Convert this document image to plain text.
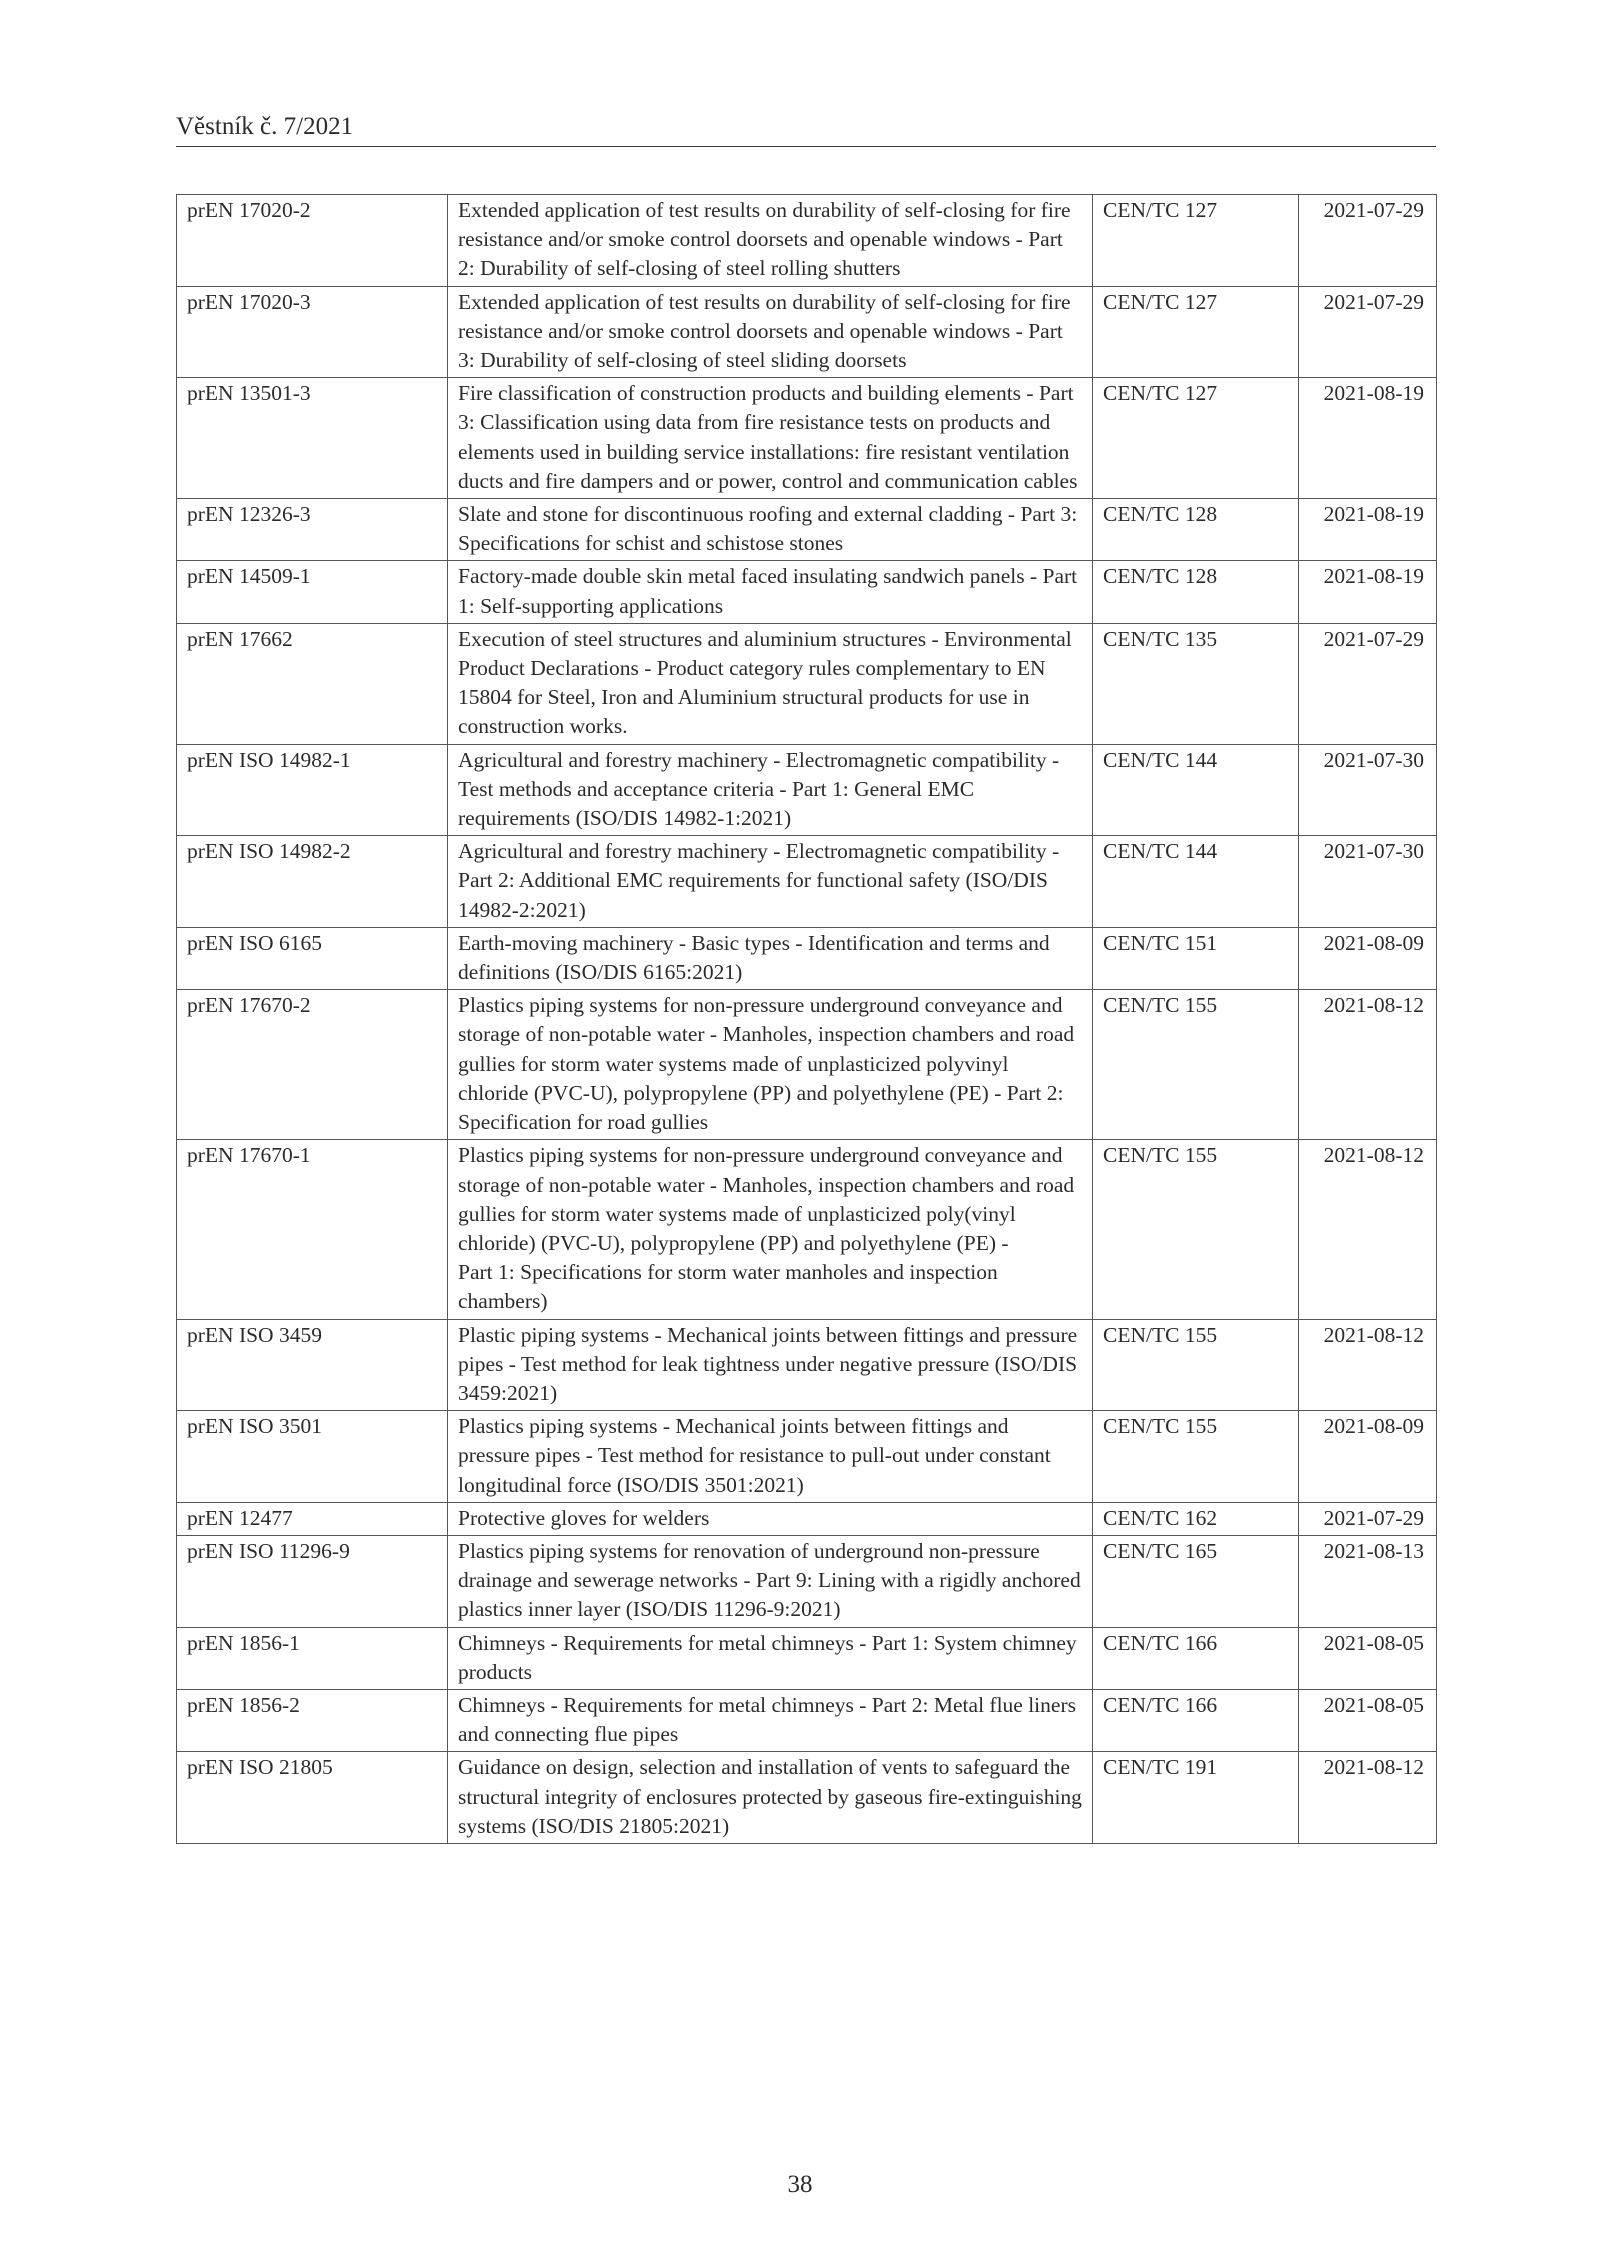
Věstník č. 7/2021
prEN 17020-2	Extended application of test results on durability of self-closing for fire resistance and/or smoke control doorsets and openable windows - Part 2: Durability of self-closing of steel rolling shutters	CEN/TC 127	2021-07-29
prEN 17020-3	Extended application of test results on durability of self-closing for fire resistance and/or smoke control doorsets and openable windows - Part 3: Durability of self-closing of steel sliding doorsets	CEN/TC 127	2021-07-29
prEN 13501-3	Fire classification of construction products and building elements - Part 3: Classification using data from fire resistance tests on products and elements used in building service installations: fire resistant ventilation ducts and fire dampers and or power, control and communication cables	CEN/TC 127	2021-08-19
prEN 12326-3	Slate and stone for discontinuous roofing and external cladding - Part 3: Specifications for schist and schistose stones	CEN/TC 128	2021-08-19
prEN 14509-1	Factory-made double skin metal faced insulating sandwich panels - Part 1: Self-supporting applications	CEN/TC 128	2021-08-19
prEN 17662	Execution of steel structures and aluminium structures - Environmental Product Declarations - Product category rules complementary to EN 15804 for Steel, Iron and Aluminium structural products for use in construction works.	CEN/TC 135	2021-07-29
prEN ISO 14982-1	Agricultural and forestry machinery - Electromagnetic compatibility - Test methods and acceptance criteria - Part 1: General EMC requirements (ISO/DIS 14982-1:2021)	CEN/TC 144	2021-07-30
prEN ISO 14982-2	Agricultural and forestry machinery - Electromagnetic compatibility - Part 2: Additional EMC requirements for functional safety (ISO/DIS 14982-2:2021)	CEN/TC 144	2021-07-30
prEN ISO 6165	Earth-moving machinery - Basic types - Identification and terms and definitions (ISO/DIS 6165:2021)	CEN/TC 151	2021-08-09
prEN 17670-2	Plastics piping systems for non-pressure underground conveyance and storage of non-potable water - Manholes, inspection chambers and road gullies for storm water systems made of unplasticized polyvinyl chloride (PVC-U), polypropylene (PP) and polyethylene (PE) - Part 2: Specification for road gullies	CEN/TC 155	2021-08-12
prEN 17670-1	Plastics piping systems for non-pressure underground conveyance and storage of non-potable water - Manholes, inspection chambers and road gullies for storm water systems made of unplasticized poly(vinyl chloride) (PVC-U), polypropylene (PP) and polyethylene (PE) -
Part 1: Specifications for storm water manholes and inspection chambers)	CEN/TC 155	2021-08-12
prEN ISO 3459	Plastic piping systems - Mechanical joints between fittings and pressure pipes - Test method for leak tightness under negative pressure (ISO/DIS 3459:2021)	CEN/TC 155	2021-08-12
prEN ISO 3501	Plastics piping systems - Mechanical joints between fittings and pressure pipes - Test method for resistance to pull-out under constant longitudinal force (ISO/DIS 3501:2021)	CEN/TC 155	2021-08-09
prEN 12477	Protective gloves for welders	CEN/TC 162	2021-07-29
prEN ISO 11296-9	Plastics piping systems for renovation of underground non-pressure drainage and sewerage networks - Part 9: Lining with a rigidly anchored plastics inner layer (ISO/DIS 11296-9:2021)	CEN/TC 165	2021-08-13
prEN 1856-1	Chimneys - Requirements for metal chimneys - Part 1: System chimney products	CEN/TC 166	2021-08-05
prEN 1856-2	Chimneys - Requirements for metal chimneys - Part 2: Metal flue liners and connecting flue pipes	CEN/TC 166	2021-08-05
prEN ISO 21805	Guidance on design, selection and installation of vents to safeguard the structural integrity of enclosures protected by gaseous fire-extinguishing systems (ISO/DIS 21805:2021)	CEN/TC 191	2021-08-12
38
